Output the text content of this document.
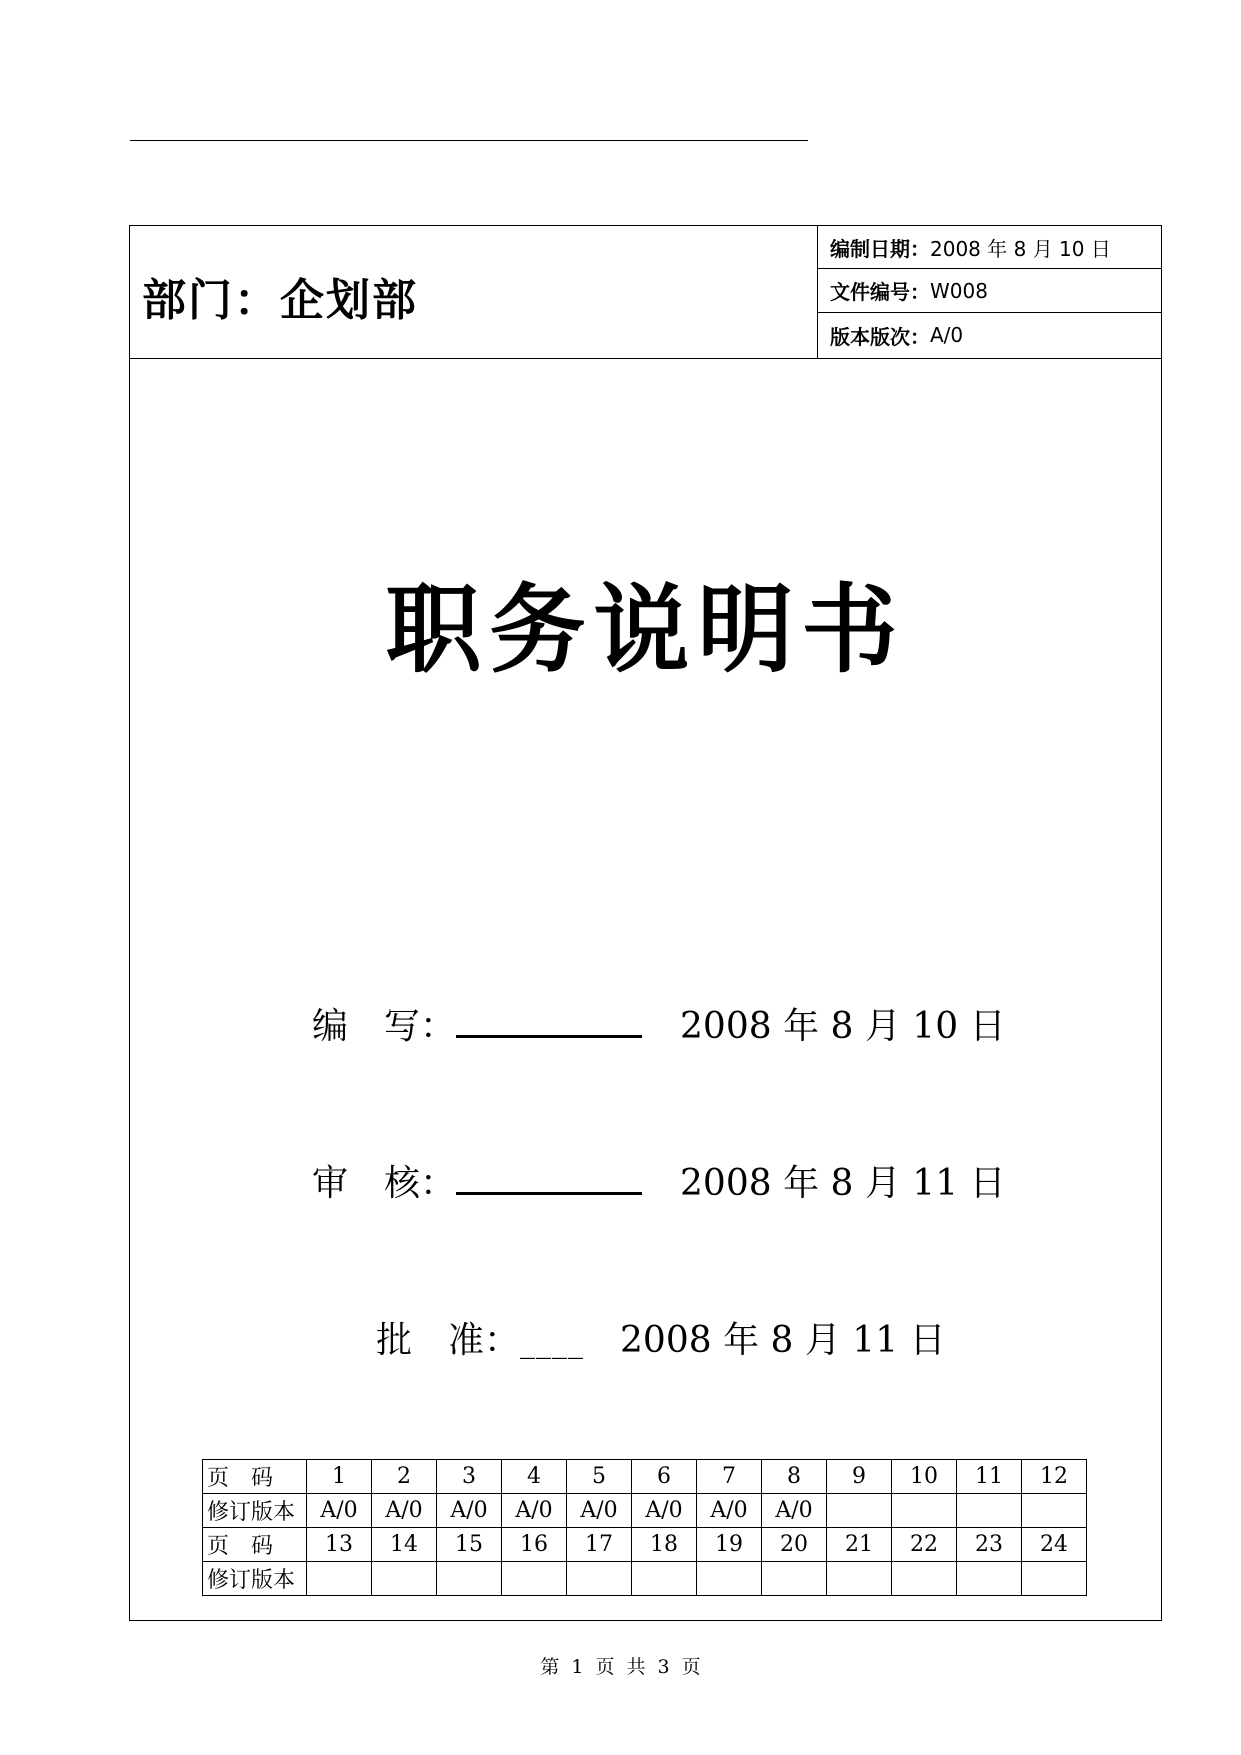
部门：企划部
编制日期： 2008 年 8 月 10 日
文件编号： W008
版本版次： A/0
职务说明书
编　写：	2008 年 8 月 10 日
审　核：	2008 年 8 月 11 日
批　准： ____ 2008 年 8 月 11 日
页　码	1	2	3	4	5	6	7	8	9	10	11	12
修订版本	A/0	A/0	A/0	A/0	A/0	A/0	A/0	A/0				
页　码	13	14	15	16	17	18	19	20	21	22	23	24
修订版本												
第 1 页 共 3 页
